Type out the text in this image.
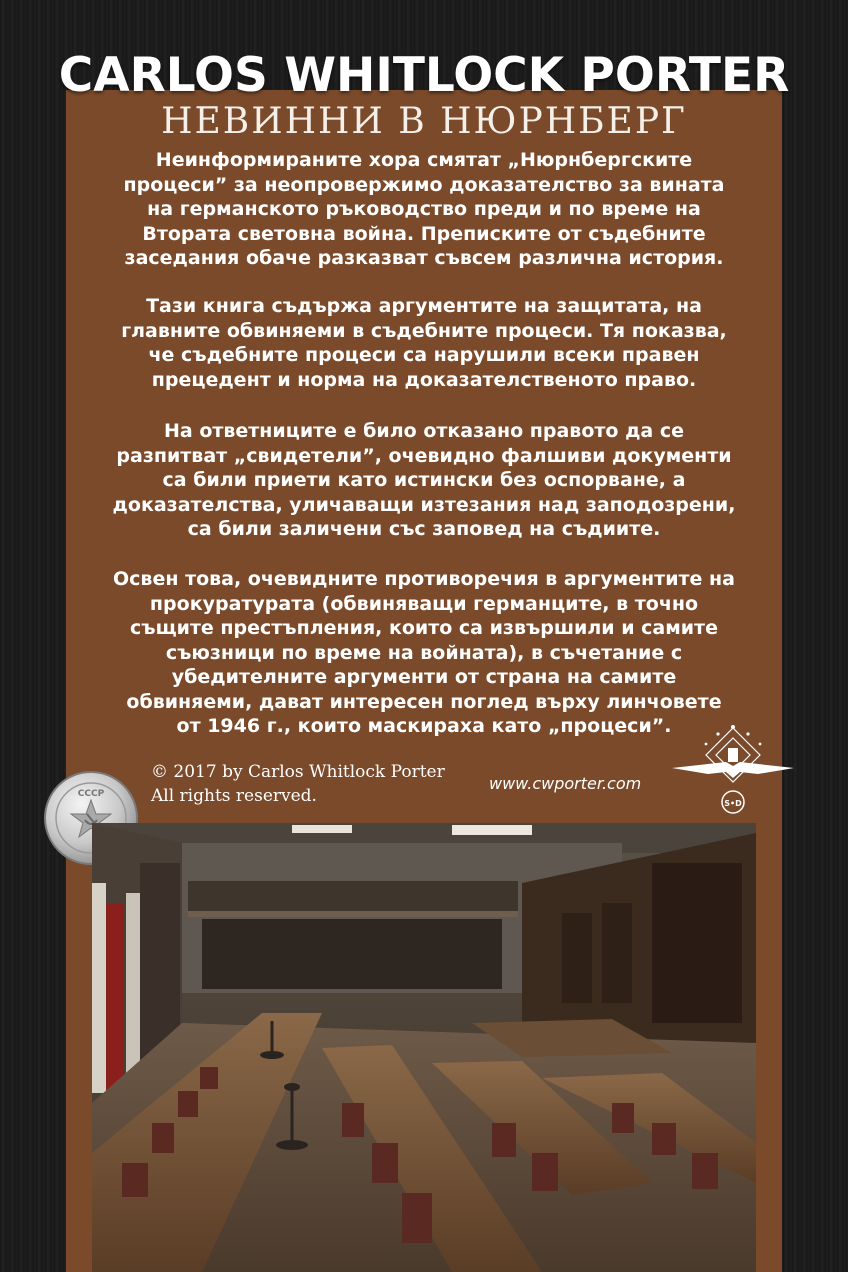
CARLOS WHITLOCK PORTER
НЕВИННИ В НЮРНБЕРГ
Неинформираните хора смятат „Нюрнбергските
процеси” за неопровержимо доказателство за вината
на германското ръководство преди и по време на
Втората световна война. Преписките от съдебните
заседания обаче разказват съвсем различна история.
Тази книга съдържа аргументите на защитата, на
главните обвиняеми в съдебните процеси. Тя показва,
че съдебните процеси са нарушили всеки правен
прецедент и норма на доказателственото право.
На ответниците е било отказано правото да се
разпитват „свидетели”, очевидно фалшиви документи
са били приети като истински без оспорване, а
доказателства, уличаващи изтезания над заподозрени,
са били заличени със заповед на съдиите.
Освен това, очевидните противоречия в аргументите на
прокуратурата (обвиняващи германците, в точно
същите престъпления, които са извършили и самите
съюзници по време на войната), в съчетание с
убедителните аргументи от страна на самите
обвиняеми, дават интересен поглед върху линчовете
от 1946 г., които маскираха като „процеси”.
© 2017 by Carlos Whitlock Porter
All rights reserved.
www.cwporter.com
CCCP
S•D
